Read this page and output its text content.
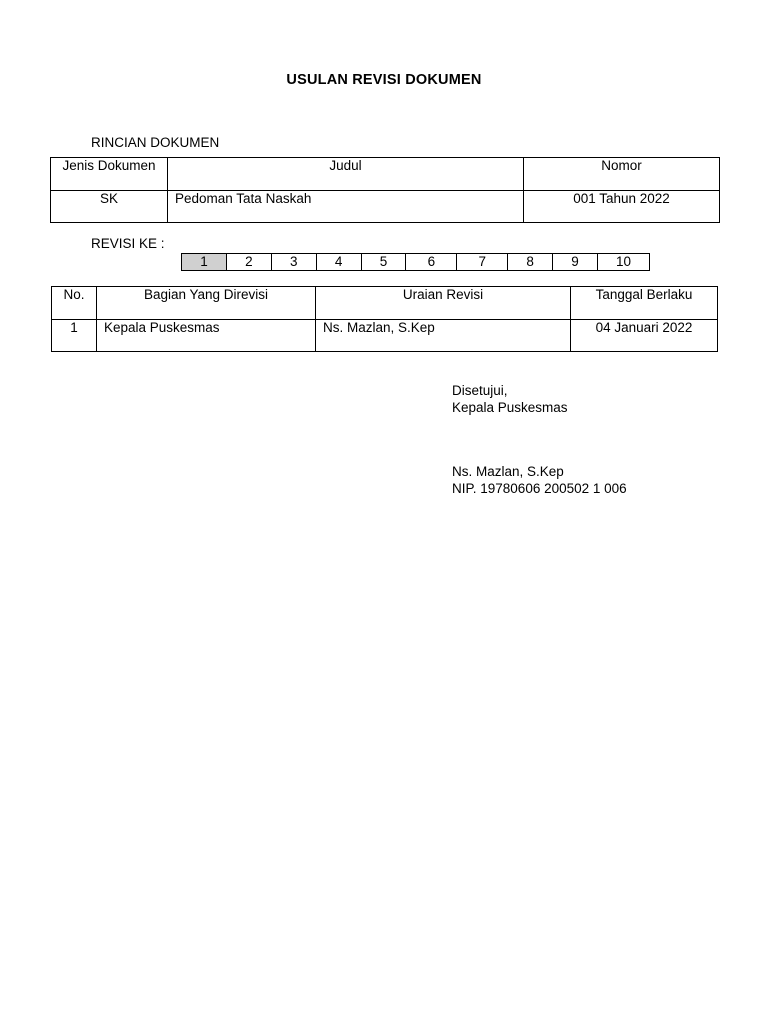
USULAN REVISI DOKUMEN
RINCIAN DOKUMEN
Jenis Dokumen	Judul	Nomor
SK	Pedoman Tata Naskah	001 Tahun 2022
REVISI KE :
1	2	3	4	5	6	7	8	9	10
No.	Bagian Yang Direvisi	Uraian Revisi	Tanggal Berlaku
1	Kepala Puskesmas	Ns. Mazlan, S.Kep	04 Januari 2022
Disetujui,
Kepala Puskesmas
Ns. Mazlan, S.Kep
NIP. 19780606 200502 1 006
